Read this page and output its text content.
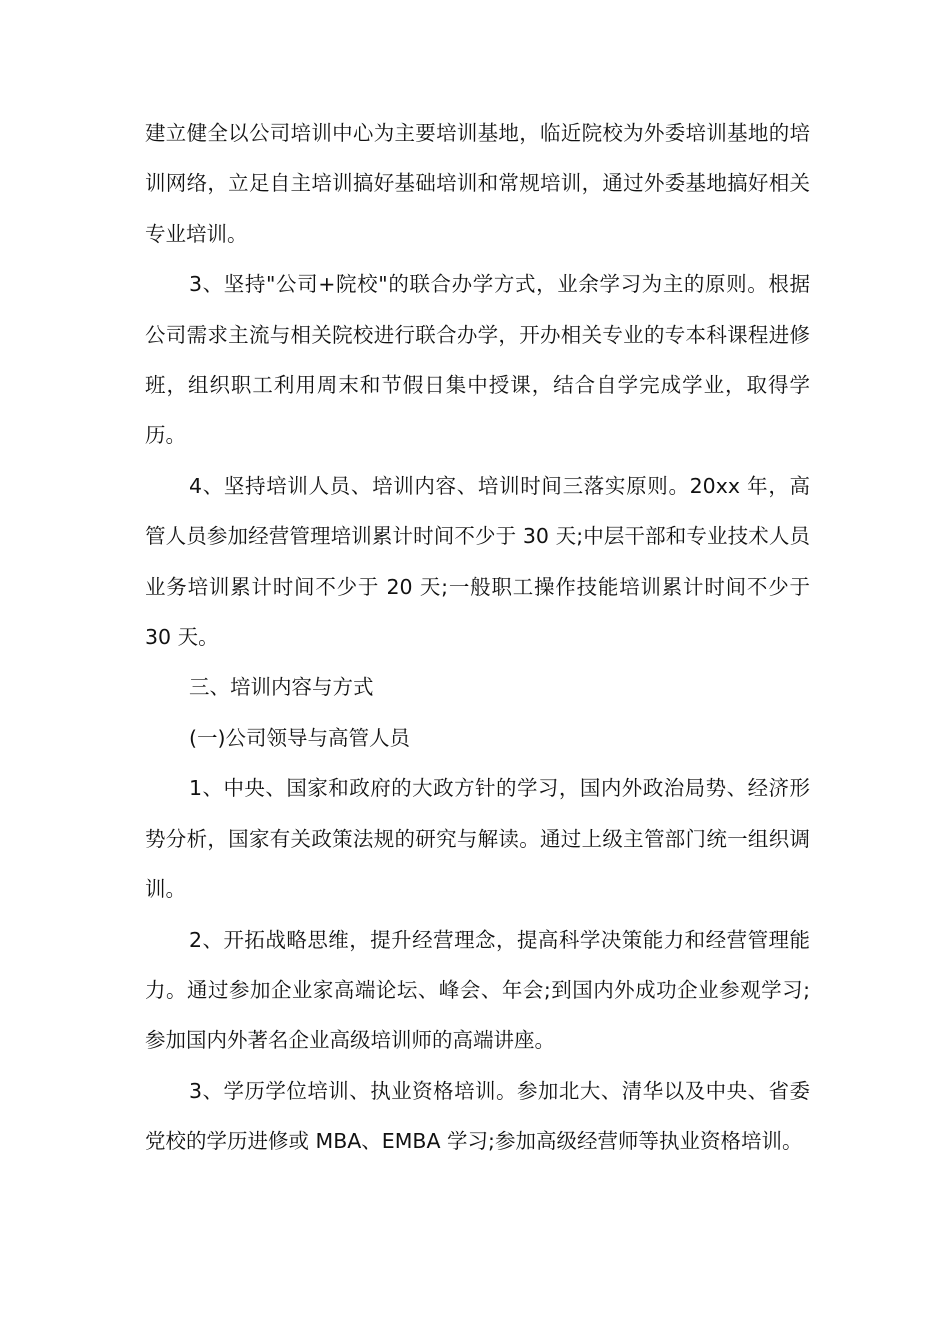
建立健全以公司培训中心为主要培训基地，临近院校为外委培训基地的培训网络，立足自主培训搞好基础培训和常规培训，通过外委基地搞好相关专业培训。

3、坚持"公司+院校"的联合办学方式，业余学习为主的原则。根据公司需求主流与相关院校进行联合办学，开办相关专业的专本科课程进修班，组织职工利用周末和节假日集中授课，结合自学完成学业，取得学历。

4、坚持培训人员、培训内容、培训时间三落实原则。20xx 年，高管人员参加经营管理培训累计时间不少于 30 天;中层干部和专业技术人员业务培训累计时间不少于 20 天;一般职工操作技能培训累计时间不少于 30 天。

三、培训内容与方式

(一)公司领导与高管人员

1、中央、国家和政府的大政方针的学习，国内外政治局势、经济形势分析，国家有关政策法规的研究与解读。通过上级主管部门统一组织调训。

2、开拓战略思维，提升经营理念，提高科学决策能力和经营管理能力。通过参加企业家高端论坛、峰会、年会;到国内外成功企业参观学习;参加国内外著名企业高级培训师的高端讲座。

3、学历学位培训、执业资格培训。参加北大、清华以及中央、省委党校的学历进修或 MBA、EMBA 学习;参加高级经营师等执业资格培训。
